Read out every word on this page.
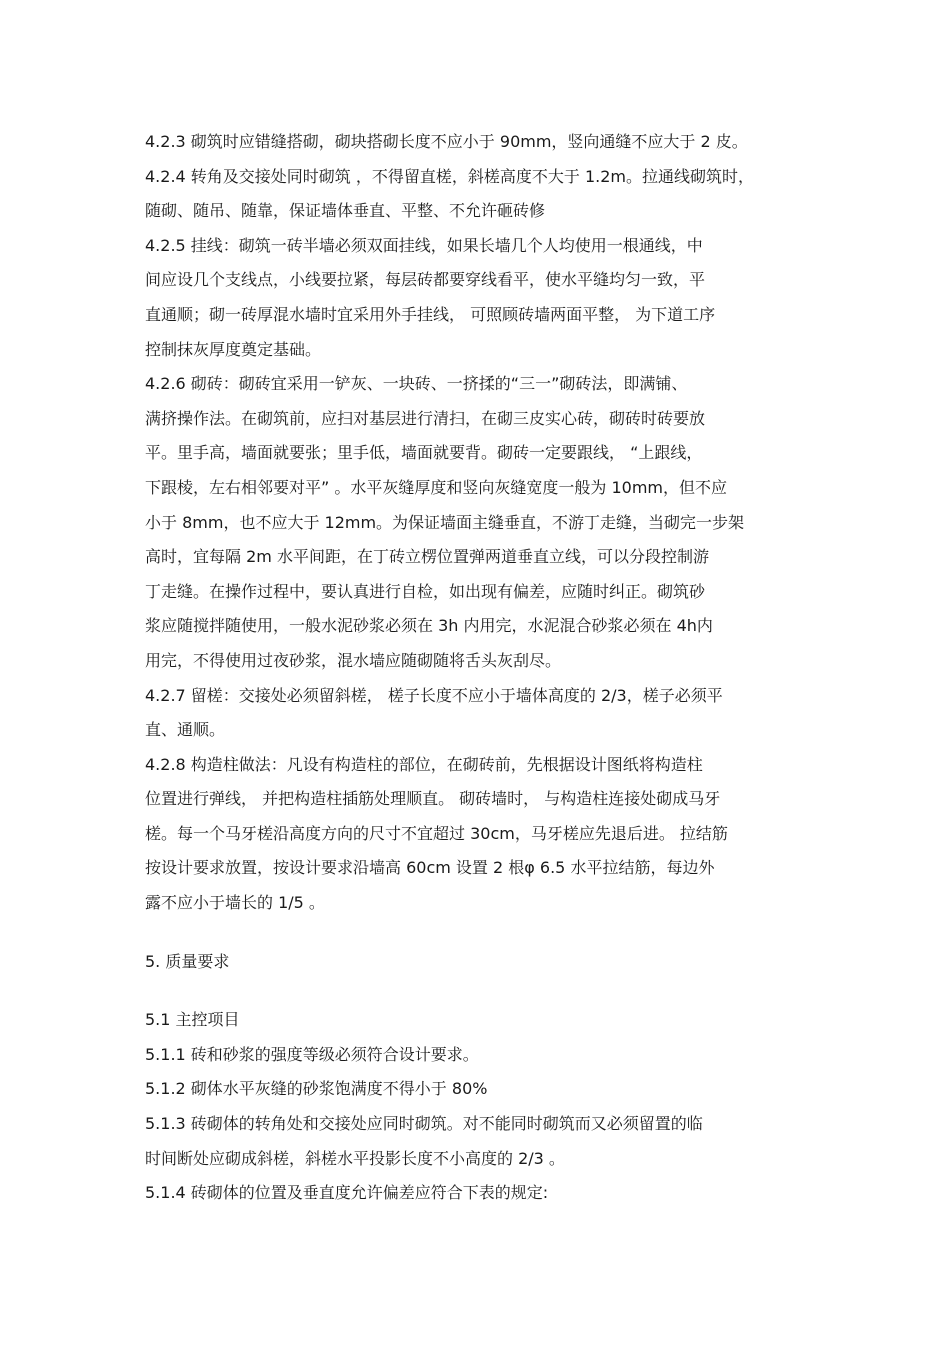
4.2.3 砌筑时应错缝搭砌，砌块搭砌长度不应小于 90mm，竖向通缝不应大于 2 皮。
4.2.4 转角及交接处同时砌筑 ，不得留直槎，斜槎高度不大于 1.2m。拉通线砌筑时，
随砌、随吊、随靠，保证墙体垂直、平整、不允许砸砖修
4.2.5 挂线：砌筑一砖半墙必须双面挂线，如果长墙几个人均使用一根通线，中
间应设几个支线点，小线要拉紧，每层砖都要穿线看平，使水平缝均匀一致，平
直通顺；砌一砖厚混水墙时宜采用外手挂线， 可照顾砖墙两面平整， 为下道工序
控制抹灰厚度奠定基础。
4.2.6 砌砖：砌砖宜采用一铲灰、一块砖、一挤揉的“三一”砌砖法，即满铺、
满挤操作法。在砌筑前，应扫对基层进行清扫，在砌三皮实心砖，砌砖时砖要放
平。里手高，墙面就要张；里手低，墙面就要背。砌砖一定要跟线， “上跟线，
下跟棱，左右相邻要对平” 。水平灰缝厚度和竖向灰缝宽度一般为 10mm，但不应
小于 8mm，也不应大于 12mm。为保证墙面主缝垂直，不游丁走缝，当砌完一步架
高时，宜每隔 2m 水平间距，在丁砖立楞位置弹两道垂直立线，可以分段控制游
丁走缝。在操作过程中，要认真进行自检，如出现有偏差，应随时纠正。砌筑砂
浆应随搅拌随使用，一般水泥砂浆必须在 3h 内用完，水泥混合砂浆必须在 4h内
用完，不得使用过夜砂浆，混水墙应随砌随将舌头灰刮尽。
4.2.7 留槎：交接处必须留斜槎， 槎子长度不应小于墙体高度的 2/3，槎子必须平
直、通顺。
4.2.8 构造柱做法：凡设有构造柱的部位，在砌砖前，先根据设计图纸将构造柱
位置进行弹线， 并把构造柱插筋处理顺直。 砌砖墙时， 与构造柱连接处砌成马牙
槎。每一个马牙槎沿高度方向的尺寸不宜超过 30cm，马牙槎应先退后进。 拉结筋
按设计要求放置，按设计要求沿墙高 60cm 设置 2 根φ 6.5 水平拉结筋，每边外
露不应小于墙长的 1/5 。
5. 质量要求
5.1 主控项目
5.1.1 砖和砂浆的强度等级必须符合设计要求。
5.1.2 砌体水平灰缝的砂浆饱满度不得小于 80%
5.1.3 砖砌体的转角处和交接处应同时砌筑。对不能同时砌筑而又必须留置的临
时间断处应砌成斜槎，斜槎水平投影长度不小高度的 2/3 。
5.1.4 砖砌体的位置及垂直度允许偏差应符合下表的规定:
